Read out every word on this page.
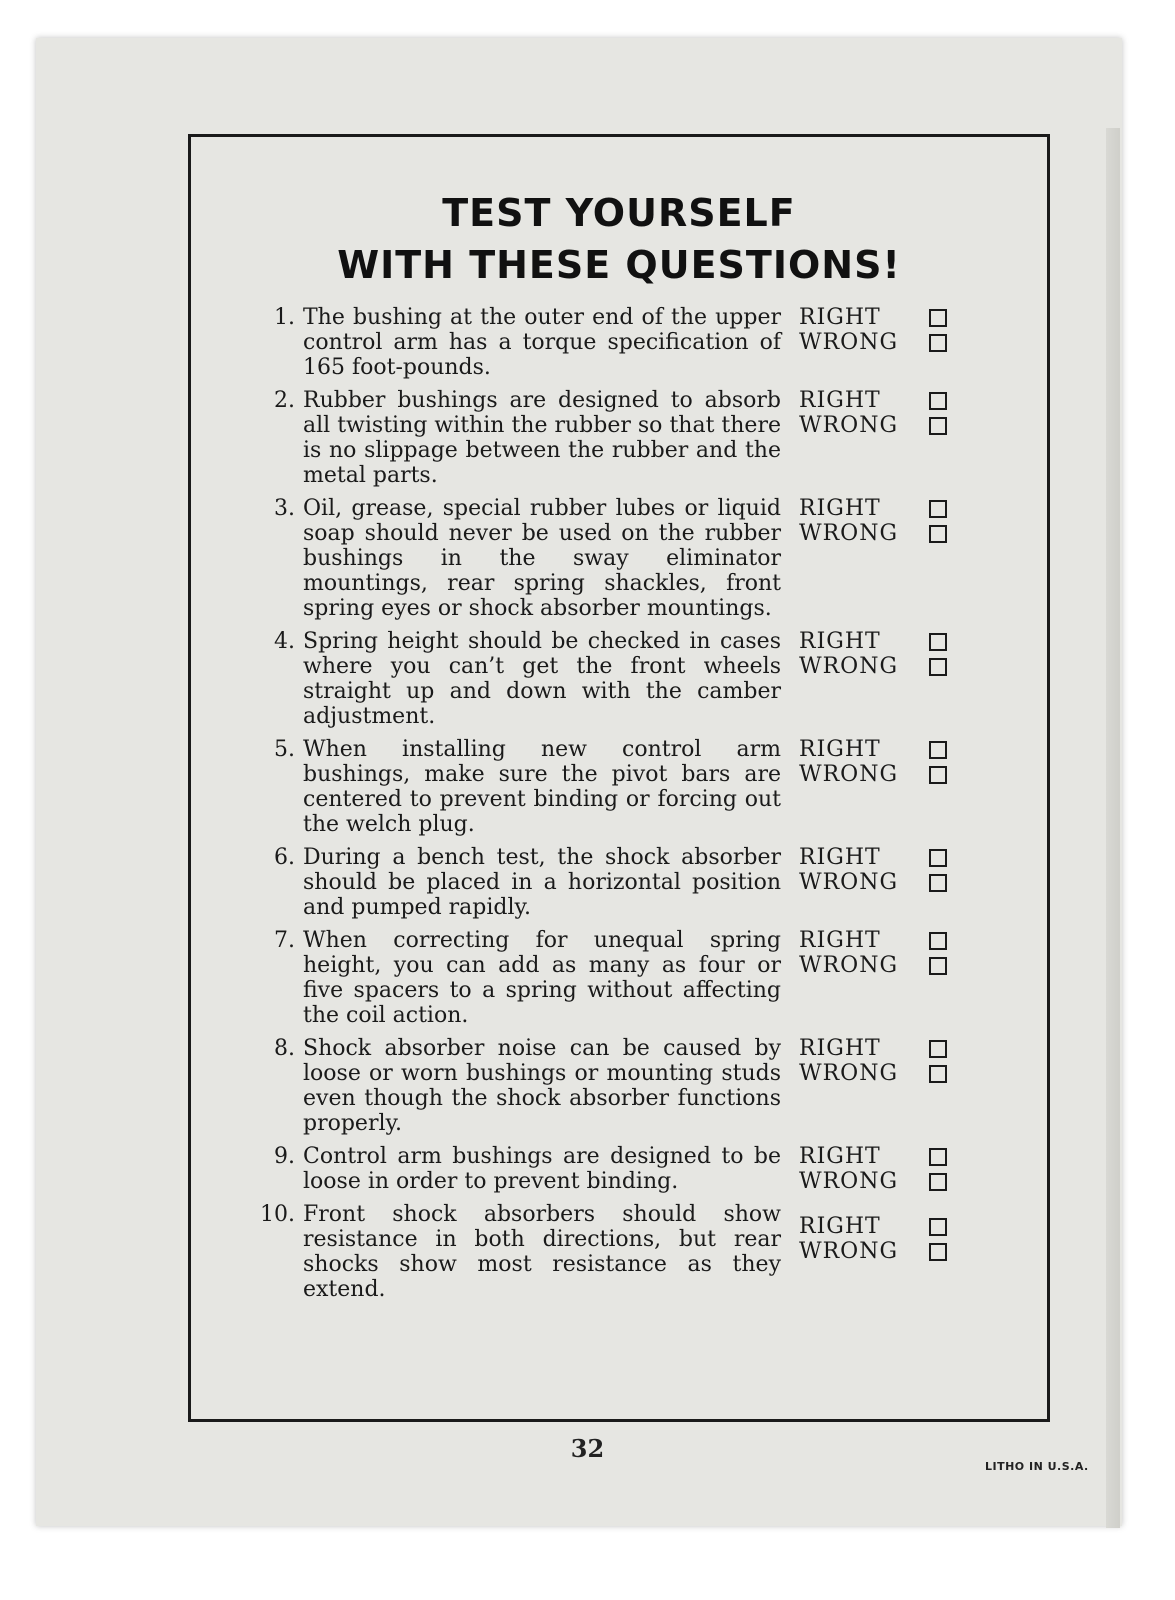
TEST YOURSELF
WITH THESE QUESTIONS!
1. The bushing at the outer end of the upper control arm has a torque specification of 165 foot-pounds.
RIGHT
WRONG
2. Rubber bushings are designed to absorb all twisting within the rubber so that there is no slippage between the rubber and the metal parts.
RIGHT
WRONG
3. Oil, grease, special rubber lubes or liquid soap should never be used on the rubber bushings in the sway eliminator mountings, rear spring shackles, front spring eyes or shock absorber mountings.
RIGHT
WRONG
4. Spring height should be checked in cases where you can’t get the front wheels straight up and down with the camber adjustment.
RIGHT
WRONG
5. When installing new control arm bushings, make sure the pivot bars are centered to prevent binding or forcing out the welch plug.
RIGHT
WRONG
6. During a bench test, the shock absorber should be placed in a horizontal position and pumped rapidly.
RIGHT
WRONG
7. When correcting for unequal spring height, you can add as many as four or five spacers to a spring without affecting the coil action.
RIGHT
WRONG
8. Shock absorber noise can be caused by loose or worn bushings or mounting studs even though the shock absorber functions properly.
RIGHT
WRONG
9. Control arm bushings are designed to be loose in order to prevent binding.
RIGHT
WRONG
10. Front shock absorbers should show resistance in both directions, but rear shocks show most resistance as they extend.
RIGHT
WRONG
32
LITHO IN U.S.A.
